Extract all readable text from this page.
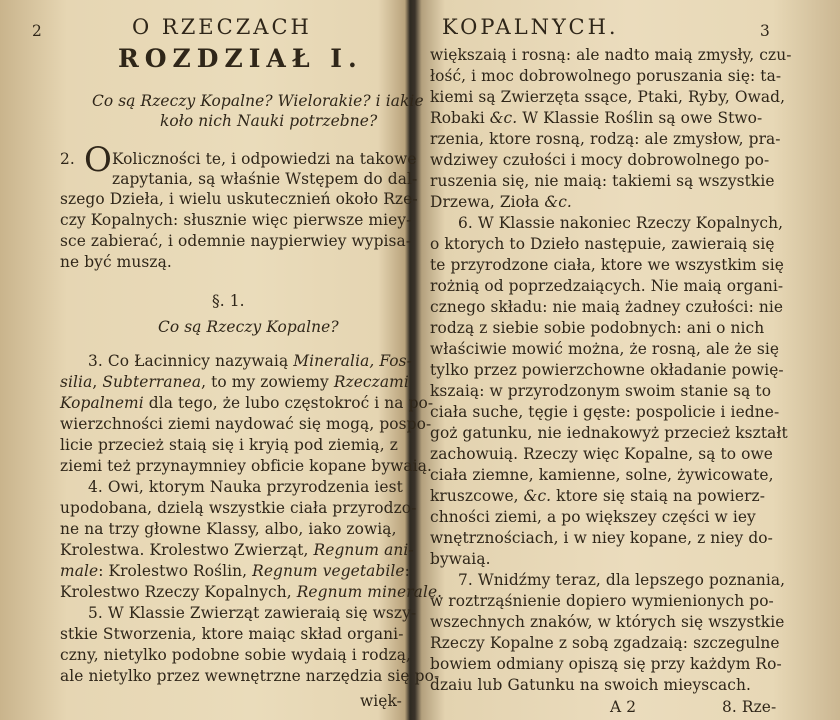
2	O RZECZACH
ROZDZIAŁ I.
Co są Rzeczy Kopalne? Wielorakie? i iakie
koło nich Nauki potrzebne?
2. O Koliczności te, i odpowiedzi na takowe
zapytania, są właśnie Wstępem do dal-
szego Dzieła, i wielu uskutecznień około Rze-
czy Kopalnych: słusznie więc pierwsze miey-
sce zabierać, i odemnie naypierwiey wypisa-
ne być muszą.
§. 1.
Co są Rzeczy Kopalne?
3. Co Łacinnicy nazywaią Mineralia, Fos-
silia, Subterranea, to my zowiemy Rzeczami
Kopalnemi dla tego, że lubo częstokroć i na po-
wierzchności ziemi naydować się mogą, pospo-
licie przecież staią się i kryią pod ziemią, z
ziemi też przynaymniey obficie kopane bywaią.
4. Owi, ktorym Nauka przyrodzenia iest
upodobana, dzielą wszystkie ciała przyrodzo-
ne na trzy głowne Klassy, albo, iako zowią,
Krolestwa. Krolestwo Zwierząt, Regnum ani-
male: Krolestwo Roślin, Regnum vegetabile:
Krolestwo Rzeczy Kopalnych, Regnum minerale.
5. W Klassie Zwierząt zawieraią się wszy-
stkie Stworzenia, ktore maiąc skład organi-
czny, nietylko podobne sobie wydaią i rodzą,
ale nietylko przez wewnętrzne narzędzia się po-
więk-
KOPALNYCH.	3
większaią i rosną: ale nadto maią zmysły, czu-
łość, i moc dobrowolnego poruszania się: ta-
kiemi są Zwierzęta ssące, Ptaki, Ryby, Owad,
Robaki &c. W Klassie Roślin są owe Stwo-
rzenia, ktore rosną, rodzą: ale zmysłow, pra-
wdziwey czułości i mocy dobrowolnego po-
ruszenia się, nie maią: takiemi są wszystkie
Drzewa, Zioła &c.
6. W Klassie nakoniec Rzeczy Kopalnych,
o ktorych to Dzieło następuie, zawieraią się
te przyrodzone ciała, ktore we wszystkim się
rożnią od poprzedzaiących. Nie maią organi-
cznego składu: nie maią żadney czułości: nie
rodzą z siebie sobie podobnych: ani o nich
właściwie mowić można, że rosną, ale że się
tylko przez powierzchowne okładanie powię-
kszaią: w przyrodzonym swoim stanie są to
ciała suche, tęgie i gęste: pospolicie i iedne-
goż gatunku, nie iednakowyż przecież kształt
zachowuią. Rzeczy więc Kopalne, są to owe
ciała ziemne, kamienne, solne, żywicowate,
kruszcowe, &c. ktore się staią na powierz-
chności ziemi, a po większey części w iey
wnętrznościach, i w niey kopane, z niey do-
bywaią.
7. Wnidźmy teraz, dla lepszego poznania,
w roztrząśnienie dopiero wymienionych po-
wszechnych znaków, w których się wszystkie
Rzeczy Kopalne z sobą zgadzaią: szczegulne
bowiem odmiany opiszą się przy każdym Ro-
dzaiu lub Gatunku na swoich mieyscach.
A 2	8. Rze-
